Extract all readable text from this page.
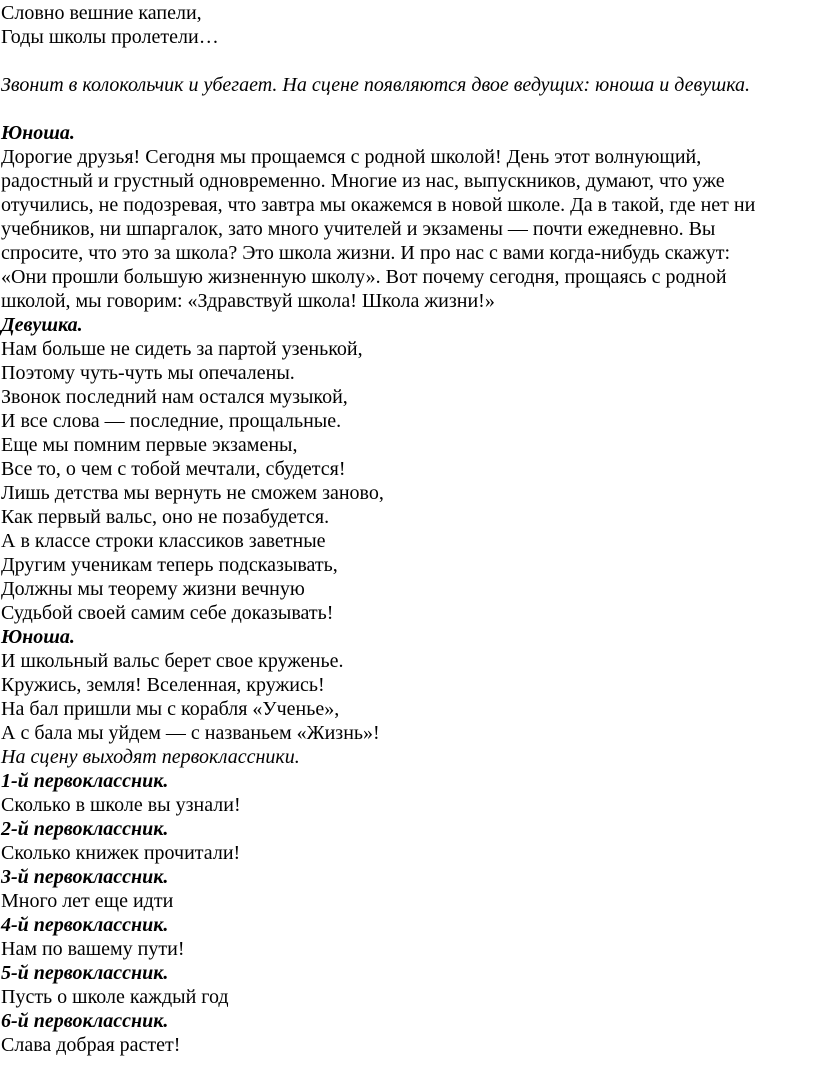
Словно вешние капели,
Годы школы пролетели…
Звонит в колокольчик и убегает. На сцене появляются двое ведущих: юноша и девушка.
Юноша.
Дорогие друзья! Сегодня мы прощаемся с родной школой! День этот волнующий,
радостный и грустный одновременно. Многие из нас, выпускников, думают, что уже
отучились, не подозревая, что завтра мы окажемся в новой школе. Да в такой, где нет ни
учебников, ни шпаргалок, зато много учителей и экзамены — почти ежедневно. Вы
спросите, что это за школа? Это школа жизни. И про нас с вами когда-нибудь скажут:
«Они прошли большую жизненную школу». Вот почему сегодня, прощаясь с родной
школой, мы говорим: «Здравствуй школа! Школа жизни!»
Девушка.
Нам больше не сидеть за партой узенькой,
Поэтому чуть-чуть мы опечалены.
Звонок последний нам остался музыкой,
И все слова — последние, прощальные.
Еще мы помним первые экзамены,
Все то, о чем с тобой мечтали, сбудется!
Лишь детства мы вернуть не сможем заново,
Как первый вальс, оно не позабудется.
А в классе строки классиков заветные
Другим ученикам теперь подсказывать,
Должны мы теорему жизни вечную
Судьбой своей самим себе доказывать!
Юноша.
И школьный вальс берет свое круженье.
Кружись, земля! Вселенная, кружись!
На бал пришли мы с корабля «Ученье»,
А с бала мы уйдем — с названьем «Жизнь»!
На сцену выходят первоклассники.
1-й первоклассник.
Сколько в школе вы узнали!
2-й первоклассник.
Сколько книжек прочитали!
3-й первоклассник.
Много лет еще идти
4-й первоклассник.
Нам по вашему пути!
5-й первоклассник.
Пусть о школе каждый год
6-й первоклассник.
Слава добрая растет!
